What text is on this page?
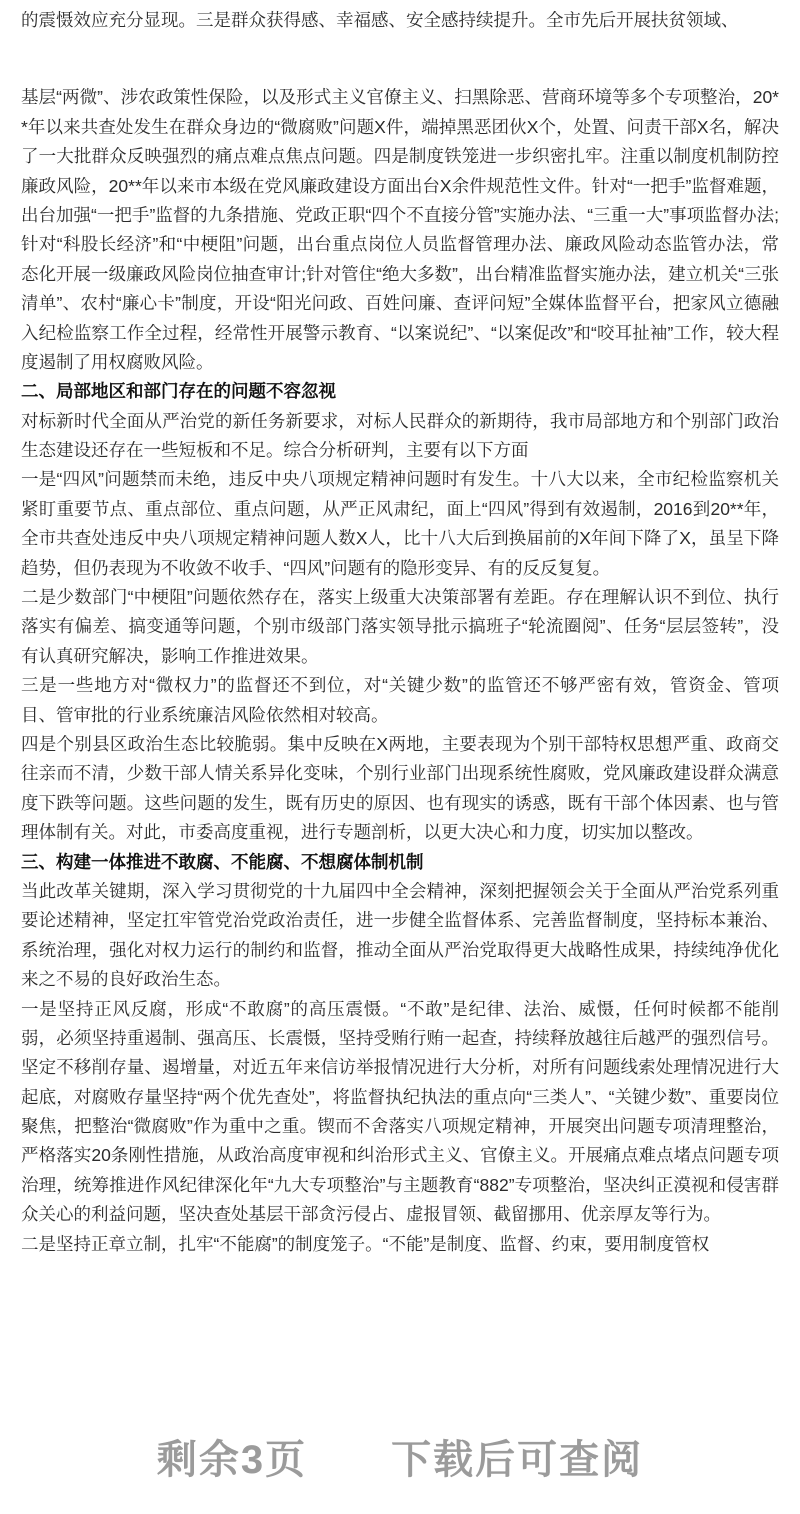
的震慑效应充分显现。三是群众获得感、幸福感、安全感持续提升。全市先后开展扶贫领域、

基层“两微”、涉农政策性保险，以及形式主义官僚主义、扫黑除恶、营商环境等多个专项整治，20**年以来共查处发生在群众身边的“微腐败”问题X件，端掉黑恶团伙X个，处置、问责干部X名，解决了一大批群众反映强烈的痛点难点焦点问题。四是制度铁笼进一步织密扎牢。注重以制度机制防控廉政风险，20**年以来市本级在党风廉政建设方面出台X余件规范性文件。针对“一把手”监督难题，出台加强“一把手”监督的九条措施、党政正职“四个不直接分管”实施办法、“三重一大”事项监督办法;针对“科股长经济”和“中梗阻”问题，出台重点岗位人员监督管理办法、廉政风险动态监管办法，常态化开展一级廉政风险岗位抽查审计;针对管住“绝大多数”，出台精准监督实施办法，建立机关“三张清单”、农村“廉心卡”制度，开设“阳光问政、百姓问廉、查评问短”全媒体监督平台，把家风立德融入纪检监察工作全过程，经常性开展警示教育、“以案说纪”、“以案促改”和“咬耳扯袖”工作，较大程度遏制了用权腐败风险。

二、局部地区和部门存在的问题不容忽视

对标新时代全面从严治党的新任务新要求，对标人民群众的新期待，我市局部地方和个别部门政治生态建设还存在一些短板和不足。综合分析研判，主要有以下方面

一是“四风”问题禁而未绝，违反中央八项规定精神问题时有发生。十八大以来，全市纪检监察机关紧盯重要节点、重点部位、重点问题，从严正风肃纪，面上“四风”得到有效遏制，2016到20**年，全市共查处违反中央八项规定精神问题人数X人，比十八大后到换届前的X年间下降了X，虽呈下降趋势，但仍表现为不收敛不收手、“四风”问题有的隐形变异、有的反反复复。

二是少数部门“中梗阻”问题依然存在，落实上级重大决策部署有差距。存在理解认识不到位、执行落实有偏差、搞变通等问题，个别市级部门落实领导批示搞班子“轮流圈阅”、任务“层层签转”，没有认真研究解决，影响工作推进效果。

三是一些地方对“微权力”的监督还不到位，对“关键少数”的监管还不够严密有效，管资金、管项目、管审批的行业系统廉洁风险依然相对较高。

四是个别县区政治生态比较脆弱。集中反映在X两地，主要表现为个别干部特权思想严重、政商交往亲而不清，少数干部人情关系异化变味，个别行业部门出现系统性腐败，党风廉政建设群众满意度下跌等问题。这些问题的发生，既有历史的原因、也有现实的诱惑，既有干部个体因素、也与管理体制有关。对此，市委高度重视，进行专题剖析，以更大决心和力度，切实加以整改。

三、构建一体推进不敢腐、不能腐、不想腐体制机制

当此改革关键期，深入学习贯彻党的十九届四中全会精神，深刻把握领会关于全面从严治党系列重要论述精神，坚定扛牢管党治党政治责任，进一步健全监督体系、完善监督制度，坚持标本兼治、系统治理，强化对权力运行的制约和监督，推动全面从严治党取得更大战略性成果，持续纯净优化来之不易的良好政治生态。

一是坚持正风反腐，形成“不敢腐”的高压震慑。“不敢”是纪律、法治、威慑，任何时候都不能削弱，必须坚持重遏制、强高压、长震慑，坚持受贿行贿一起查，持续释放越往后越严的强烈信号。坚定不移削存量、遏增量，对近五年来信访举报情况进行大分析，对所有问题线索处理情况进行大起底，对腐败存量坚持“两个优先查处”，将监督执纪执法的重点向“三类人”、“关键少数”、重要岗位聚焦，把整治“微腐败”作为重中之重。锲而不舍落实八项规定精神，开展突出问题专项清理整治，严格落实20条刚性措施，从政治高度审视和纠治形式主义、官僚主义。开展痛点难点堵点问题专项治理，统筹推进作风纪律深化年“九大专项整治”与主题教育“882”专项整治，坚决纠正漠视和侵害群众关心的利益问题，坚决查处基层干部贪污侵占、虚报冒领、截留挪用、优亲厚友等行为。

二是坚持正章立制，扎牢“不能腐”的制度笼子。“不能”是制度、监督、约束，要用制度管权

剩余3页　　下载后可查阅
